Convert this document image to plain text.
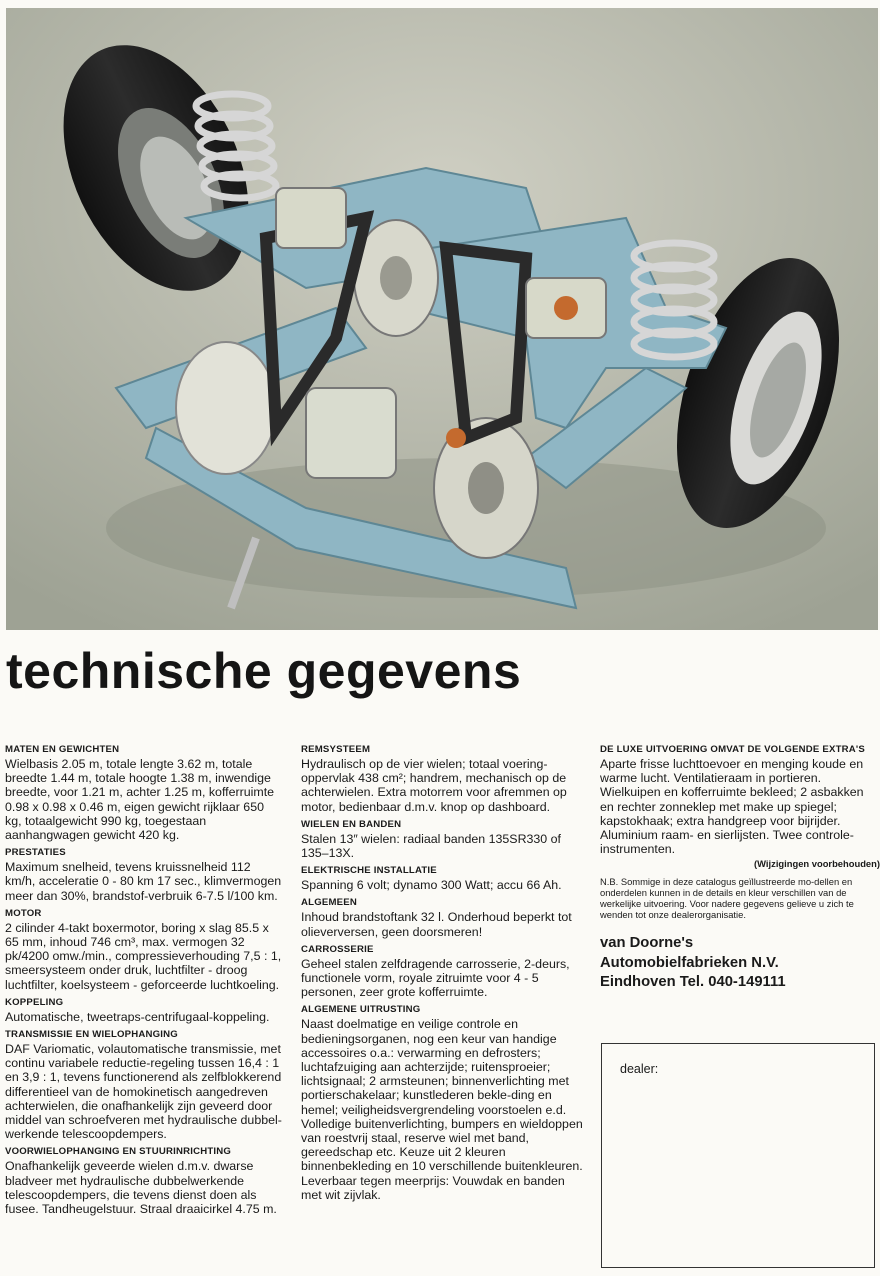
technische gegevens
MATEN EN GEWICHTEN

Wielbasis 2.05 m, totale lengte 3.62 m, totale breedte 1.44 m, totale hoogte 1.38 m, inwendige breedte, voor 1.21 m, achter 1.25 m, kofferruimte 0.98 x 0.98 x 0.46 m, eigen gewicht rijklaar 650 kg, totaalgewicht 990 kg, toegestaan aanhangwagen gewicht 420 kg.

PRESTATIES

Maximum snelheid, tevens kruissnelheid 112 km/h, acceleratie 0 - 80 km 17 sec., klimvermogen meer dan 30%, brandstof-verbruik 6-7.5 l/100 km.

MOTOR

2 cilinder 4-takt boxermotor, boring x slag 85.5 x 65 mm, inhoud 746 cm³, max. vermogen 32 pk/4200 omw./min., compressieverhouding 7,5 : 1, smeersysteem onder druk, luchtfilter - droog luchtfilter, koelsysteem - geforceerde luchtkoeling.

KOPPELING

Automatische, tweetraps-centrifugaal-koppeling.

TRANSMISSIE EN WIELOPHANGING

DAF Variomatic, volautomatische transmissie, met continu variabele reductie-regeling tussen 16,4 : 1 en 3,9 : 1, tevens functionerend als zelfblokkerend differentieel van de homokinetisch aangedreven achterwielen, die onafhankelijk zijn geveerd door middel van schroefveren met hydraulische dubbel-werkende telescoopdempers.

VOORWIELOPHANGING EN STUURINRICHTING

Onafhankelijk geveerde wielen d.m.v. dwarse bladveer met hydraulische dubbelwerkende telescoopdempers, die tevens dienst doen als fusee. Tandheugelstuur. Straal draaicirkel 4.75 m.

REMSYSTEEM

Hydraulisch op de vier wielen; totaal voering-oppervlak 438 cm²; handrem, mechanisch op de achterwielen. Extra motorrem voor afremmen op motor, bedienbaar d.m.v. knop op dashboard.

WIELEN EN BANDEN

Stalen 13″ wielen: radiaal banden 135SR330 of 135–13X.

ELEKTRISCHE INSTALLATIE

Spanning 6 volt; dynamo 300 Watt; accu 66 Ah.

ALGEMEEN

Inhoud brandstoftank 32 l. Onderhoud beperkt tot olieverversen, geen doorsmeren!

CARROSSERIE

Geheel stalen zelfdragende carrosserie, 2-deurs, functionele vorm, royale zitruimte voor 4 - 5 personen, zeer grote kofferruimte.

ALGEMENE UITRUSTING

Naast doelmatige en veilige controle en bedieningsorganen, nog een keur van handige accessoires o.a.: verwarming en defrosters; luchtafzuiging aan achterzijde; ruitensproeier; lichtsignaal; 2 armsteunen; binnenverlichting met portierschakelaar; kunstlederen bekle-ding en hemel; veiligheidsvergrendeling voorstoelen e.d. Volledige buitenverlichting, bumpers en wieldoppen van roestvrij staal, reserve wiel met band, gereedschap etc. Keuze uit 2 kleuren binnenbekleding en 10 verschillende buitenkleuren. Leverbaar tegen meerprijs: Vouwdak en banden met wit zijvlak.

DE LUXE UITVOERING OMVAT DE VOLGENDE EXTRA'S

Aparte frisse luchttoevoer en menging koude en warme lucht. Ventilatieraam in portieren. Wielkuipen en kofferruimte bekleed; 2 asbakken en rechter zonneklep met make up spiegel; kapstokhaak; extra handgreep voor bijrijder. Aluminium raam- en sierlijsten. Twee controle-instrumenten.

(Wijzigingen voorbehouden)
N.B. Sommige in deze catalogus geïllustreerde mo-dellen en onderdelen kunnen in de details en kleur verschillen van de werkelijke uitvoering. Voor nadere gegevens gelieve u zich te wenden tot onze dealerorganisatie.
van Doorne's
Automobielfabrieken N.V.
Eindhoven Tel. 040-149111
dealer:
